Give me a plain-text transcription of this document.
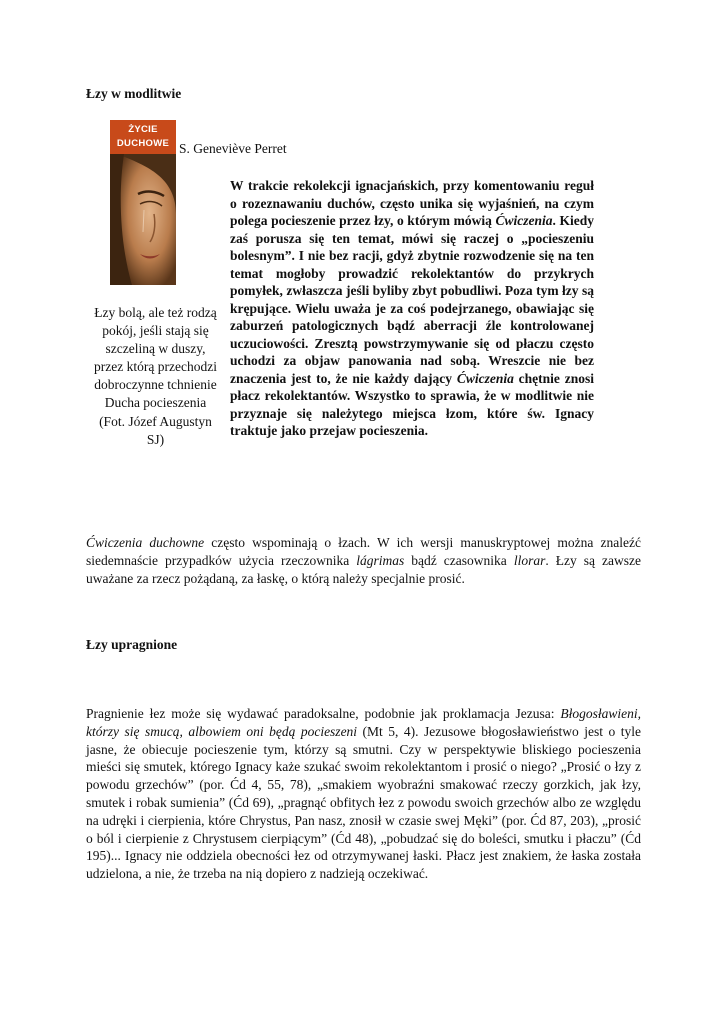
Łzy w modlitwie
ŻYCIE
DUCHOWE S. Geneviève Perret
Łzy bolą, ale też rodzą pokój, jeśli stają się szczeliną w duszy, przez którą przechodzi dobroczynne tchnienie Ducha pocieszenia (Fot. Józef Augustyn SJ)
W trakcie rekolekcji ignacjańskich, przy komentowaniu reguł o rozeznawaniu duchów, często unika się wyjaśnień, na czym polega pocieszenie przez łzy, o którym mówią Ćwiczenia. Kiedy zaś porusza się ten temat, mówi się raczej o „pocieszeniu bolesnym”. I nie bez racji, gdyż zbytnie rozwodzenie się na ten temat mogłoby prowadzić rekolektantów do przykrych pomyłek, zwłaszcza jeśli byliby zbyt pobudliwi. Poza tym łzy są krępujące. Wielu uważa je za coś podejrzanego, obawiając się zaburzeń patologicznych bądź aberracji źle kontrolowanej uczuciowości. Zresztą powstrzymywanie się od płaczu często uchodzi za objaw panowania nad sobą. Wreszcie nie bez znaczenia jest to, że nie każdy dający Ćwiczenia chętnie znosi płacz rekolektantów. Wszystko to sprawia, że w modlitwie nie przyznaje się należytego miejsca łzom, które św. Ignacy traktuje jako przejaw pocieszenia.
Ćwiczenia duchowne często wspominają o łzach. W ich wersji manuskryptowej można znaleźć siedemnaście przypadków użycia rzeczownika lágrimas bądź czasownika llorar. Łzy są zawsze uważane za rzecz pożądaną, za łaskę, o którą należy specjalnie prosić.
Łzy upragnione
Pragnienie łez może się wydawać paradoksalne, podobnie jak proklamacja Jezusa: Błogosławieni, którzy się smucą, albowiem oni będą pocieszeni (Mt 5, 4). Jezusowe błogosławieństwo jest o tyle jasne, że obiecuje pocieszenie tym, którzy są smutni. Czy w perspektywie bliskiego pocieszenia mieści się smutek, którego Ignacy każe szukać swoim rekolektantom i prosić o niego? „Prosić o łzy z powodu grzechów” (por. Ćd 4, 55, 78), „smakiem wyobraźni smakować rzeczy gorzkich, jak łzy, smutek i robak sumienia” (Ćd 69), „pragnąć obfitych łez z powodu swoich grzechów albo ze względu na udręki i cierpienia, które Chrystus, Pan nasz, znosił w czasie swej Męki” (por. Ćd 87, 203), „prosić o ból i cierpienie z Chrystusem cierpiącym” (Ćd 48), „pobudzać się do boleści, smutku i płaczu” (Ćd 195)... Ignacy nie oddziela obecności łez od otrzymywanej łaski. Płacz jest znakiem, że łaska została udzielona, a nie, że trzeba na nią dopiero z nadzieją oczekiwać.
